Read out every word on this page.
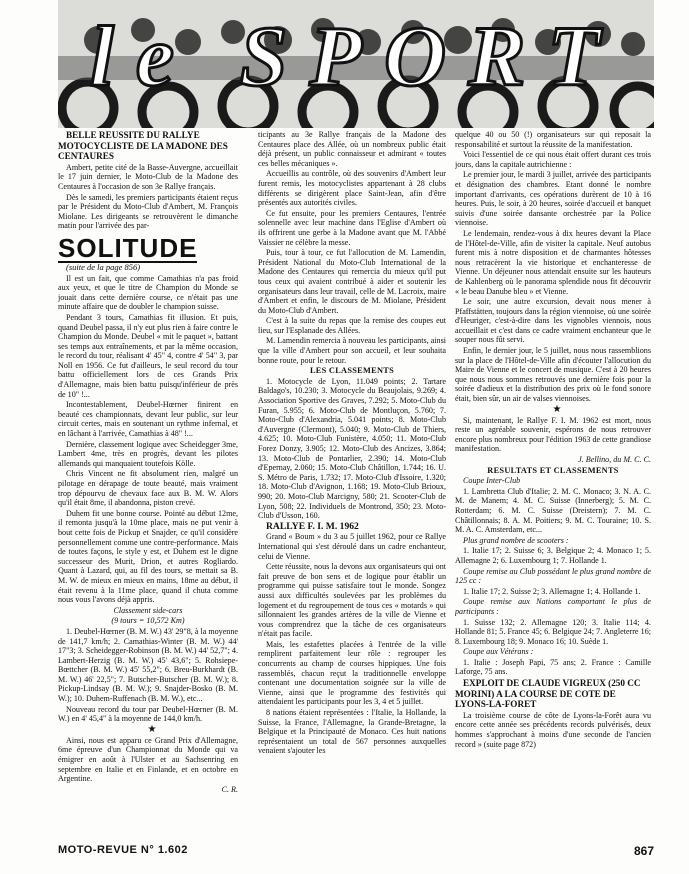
le SPORT

BELLE REUSSITE DU RALLYE MOTOCYCLISTE DE LA MADONE DES CENTAURES

Ambert, petite cité de la Basse-Auvergne, accueillait le 17 juin dernier, le Moto-Club de la Madone des Centaures à l'occasion de son 3e Rallye français.

Dès le samedi, les premiers participants étaient reçus par le Président du Moto-Club d'Ambert, M. François Miolane. Les dirigeants se retrouvèrent le dimanche matin pour l'arrivée des par-

SOLITUDE

(suite de la page 856)

Il est un fait, que comme Camathias n'a pas froid aux yeux, et que le titre de Champion du Monde se jouait dans cette dernière course, ce n'était pas une minute affaire que de doubler le champion suisse.

Pendant 3 tours, Camathias fit illusion. Et puis, quand Deubel passa, il n'y eut plus rien à faire contre le Champion du Monde. Deubel « mit le paquet », battant ses temps aux entraînements, et par la même occasion, le record du tour, réalisant 4' 45" 4, contre 4' 54" 3, par Noll en 1956. Ce fut d'ailleurs, le seul record du tour battu officiellement lors de ces Grands Prix d'Allemagne, mais bien battu puisqu'inférieur de près de 10" !...

Incontestablement, Deubel-Hœrner finirent en beauté ces championnats, devant leur public, sur leur circuit certes, mais en soutenant un rythme infernal, et en lâchant à l'arrivée, Camathias à 48" !...

Dernière, classement logique avec Scheidegger 3me, Lambert 4me, très en progrès, devant les pilotes allemands qui manquaient toutefois Kölle.

Chris Vincent ne fit absolument rien, malgré un pilotage en dérapage de toute beauté, mais vraiment trop dépourvu de chevaux face aux B. M. W. Alors qu'il était 8me, il abandonna, piston crevé.

Duhem fit une bonne course. Pointé au début 12me, il remonta jusqu'à la 10me place, mais ne put venir à bout cette fois de Pickup et Snajder, ce qu'il considère personnellement comme une contre-performance. Mais de toutes façons, le style y est, et Duhem est le digne successeur des Murit, Drion, et autres Rogliardo. Quant à Lazard, qui, au fil des tours, se mettait sa B. M. W. de mieux en mieux en mains, 18me au début, il était revenu à la 11me place, quand il chuta comme nous vous l'avons déjà appris.

Classement side-cars

(9 tours = 10,572 Km)

1. Deubel-Hœrner (B. M. W.) 43' 29"8, à la moyenne de 141,7 km/h; 2. Camathias-Winter (B. M. W.) 44' 17"3; 3. Scheidegger-Robinson (B. M. W.) 44' 52,7"; 4. Lambert-Herzig (B. M. W.) 45' 43,6"; 5. Rohsiepe-Bœttcher (B. M. W.) 45' 55,2"; 6. Breu-Burkhardt (B. M. W.) 46' 22,5"; 7. Butscher-Butscher (B. M. W.); 8. Pickup-Lindsay (B. M. W.); 9. Snajder-Bosko (B. M. W.); 10. Duhem-Ruffenach (B. M. W.), etc...

Nouveau record du tour par Deubel-Hœrner (B. M. W.) en 4' 45,4" à la moyenne de 144,0 km/h.

★

Ainsi, nous est apparu ce Grand Prix d'Allemagne, 6me épreuve d'un Championnat du Monde qui va émigrer en août à l'Ulster et au Sachsenring en septembre en Italie et en Finlande, et en octobre en Argentine.

C. R.

ticipants au 3e Rallye français de la Madone des Centaures place des Allée, où un nombreux public était déjà présent, un public connaisseur et admirant « toutes ces belles mécaniques ».

Accueillis au contrôle, où des souvenirs d'Ambert leur furent remis, les motocyclistes appartenant à 28 clubs différents se dirigèrent place Saint-Jean, afin d'être présentés aux autorités civiles.

Ce fut ensuite, pour les premiers Centaures, l'entrée solennelle avec leur machine dans l'Eglise d'Ambert où ils offrirent une gerbe à la Madone avant que M. l'Abbé Vaissier ne célèbre la messe.

Puis, tour à tour, ce fut l'allocution de M. Lamendin, Président National du Moto-Club International de la Madone des Centaures qui remercia du mieux qu'il put tous ceux qui avaient contribué à aider et soutenir les organisateurs dans leur travail, celle de M. Lacroix, maire d'Ambert et enfin, le discours de M. Miolane, Président du Moto-Club d'Ambert.

C'est à la suite du repas que la remise des coupes eut lieu, sur l'Esplanade des Allées.

M. Lamendin remercia à nouveau les participants, ainsi que la ville d'Ambert pour son accueil, et leur souhaita bonne route, pour le retour.

LES CLASSEMENTS

1. Motocycle de Lyon, 11.049 points; 2. Tartare Baldago's, 10.230; 3. Motocycle du Beaujolais, 9.269; 4. Association Sportive des Graves, 7.292; 5. Moto-Club du Furan, 5.955; 6. Moto-Club de Montluçon, 5.760; 7. Moto-Club d'Alexandria, 5.041 points; 8. Moto-Club d'Auvergne (Clermont), 5.040; 9. Moto-Club de Thiers, 4.625; 10. Moto-Club Funistère, 4.050; 11. Moto-Club Forez Donzy, 3.905; 12. Moto-Club des Ancizes, 3.864; 13. Moto-Club de Pontarlier, 2.390; 14. Moto-Club d'Epernay, 2.060; 15. Moto-Club Châtillon, 1.744; 16. U. S. Métro de Paris, 1.732; 17. Moto-Club d'Issoire, 1.320; 18. Moto-Club d'Avignon, 1.168; 19. Moto-Club Brioux, 990; 20. Moto-Club Marcigny, 580; 21. Scooter-Club de Lyon, 508; 22. Individuels de Montrond, 350; 23. Moto-Club d'Usson, 160.

RALLYE F. I. M. 1962

Grand « Boum » du 3 au 5 juillet 1962, pour ce Rallye International qui s'est déroulé dans un cadre enchanteur, celui de Vienne.

Cette réussite, nous la devons aux organisateurs qui ont fait preuve de bon sens et de logique pour établir un programme qui puisse satisfaire tout le monde. Songez aussi aux difficultés soulevées par les problèmes du logement et du regroupement de tous ces « motards » qui sillonnaient les grandes artères de la ville de Vienne et vous comprendrez que la tâche de ces organisateurs n'était pas facile.

Mais, les estafettes placées à l'entrée de la ville remplirent parfaitement leur rôle : regrouper les concurrents au champ de courses hippiques. Une fois rassemblés, chacun reçut la traditionnelle enveloppe contenant une documentation soignée sur la ville de Vienne, ainsi que le programme des festivités qui attendaient les participants pour les 3, 4 et 5 juillet.

8 nations étaient représentées : l'Italie, la Hollande, la Suisse, la France, l'Allemagne, la Grande-Bretagne, la Belgique et la Principauté de Monaco. Ces huit nations représentaient un total de 567 personnes auxquelles venaient s'ajouter les

quelque 40 ou 50 (!) organisateurs sur qui reposait la responsabilité et surtout la réussite de la manifestation.

Voici l'essentiel de ce qui nous était offert durant ces trois jours, dans la capitale autrichienne :

Le premier jour, le mardi 3 juillet, arrivée des participants et désignation des chambres. Etant donné le nombre important d'arrivants, ces opérations durèrent de 10 à 16 heures. Puis, le soir, à 20 heures, soirée d'accueil et banquet suivis d'une soirée dansante orchestrée par la Police viennoise.

Le lendemain, rendez-vous à dix heures devant la Place de l'Hôtel-de-Ville, afin de visiter la capitale. Neuf autobus furent mis à notre disposition et de charmantes hôtesses nous retracèrent la vie historique et enchanteresse de Vienne. Un déjeuner nous attendait ensuite sur les hauteurs de Kahlenberg où le panorama splendide nous fit découvrir « le beau Danube bleu » et Vienne.

Le soir, une autre excursion, devait nous mener à Pfaffstätten, toujours dans la région viennoise, où une soirée d'Heuriger, c'est-à-dire dans les vignobles viennois, nous accueillait et c'est dans ce cadre vraiment enchanteur que le souper nous fût servi.

Enfin, le dernier jour, le 5 juillet, nous nous rassemblions sur la place de l'Hôtel-de-Ville afin d'écouter l'allocution du Maire de Vienne et le concert de musique. C'est à 20 heures que nous nous sommes retrouvés une dernière fois pour la soirée d'adieux et la distribution des prix où le fond sonore était, bien sûr, un air de valses viennoises.

★

Si, maintenant, le Rallye F. I. M. 1962 est mort, nous reste un agréable souvenir, espérons de nous retrouver encore plus nombreux pour l'édition 1963 de cette grandiose manifestation.

J. Bellino, du M. C. C.

RESULTATS ET CLASSEMENTS

Coupe Inter-Club

1. Lambretta Club d'Italie; 2. M. C. Monaco; 3. N. A. C. M. de Manem; 4. M. C. Suisse (Innerberg); 5. M. C. Rotterdam; 6. M. C. Suisse (Dreistern); 7. M. C. Châtillonnais; 8. A. M. Poitiers; 9. M. C. Touraine; 10. S. M. A. C. Amsterdam, etc...

Plus grand nombre de scooters :

1. Italie 17; 2. Suisse 6; 3. Belgique 2; 4. Monaco 1; 5. Allemagne 2; 6. Luxembourg 1; 7. Hollande 1.

Coupe remise au Club possédant le plus grand nombre de 125 cc :

1. Italie 17; 2. Suisse 2; 3. Allemagne 1; 4. Hollande 1.

Coupe remise aux Nations comportant le plus de participants :

1. Suisse 132; 2. Allemagne 120; 3. Italie 114; 4. Hollande 81; 5. France 45; 6. Belgique 24; 7. Angleterre 16; 8. Luxembourg 18; 9. Monaco 16; 10. Suède 1.

Coupe aux Vétérans :

1. Italie : Joseph Papi, 75 ans; 2. France : Camille Laforge, 75 ans.

EXPLOIT DE CLAUDE VIGREUX (250 CC MORINI) A LA COURSE DE COTE DE LYONS-LA-FORET

La troisième course de côte de Lyons-la-Forêt aura vu encore cette année ses précédents records pulvérisés, deux hommes s'approchant à moins d'une seconde de l'ancien record » (suite page 872)

MOTO-REVUE N° 1.602	867
